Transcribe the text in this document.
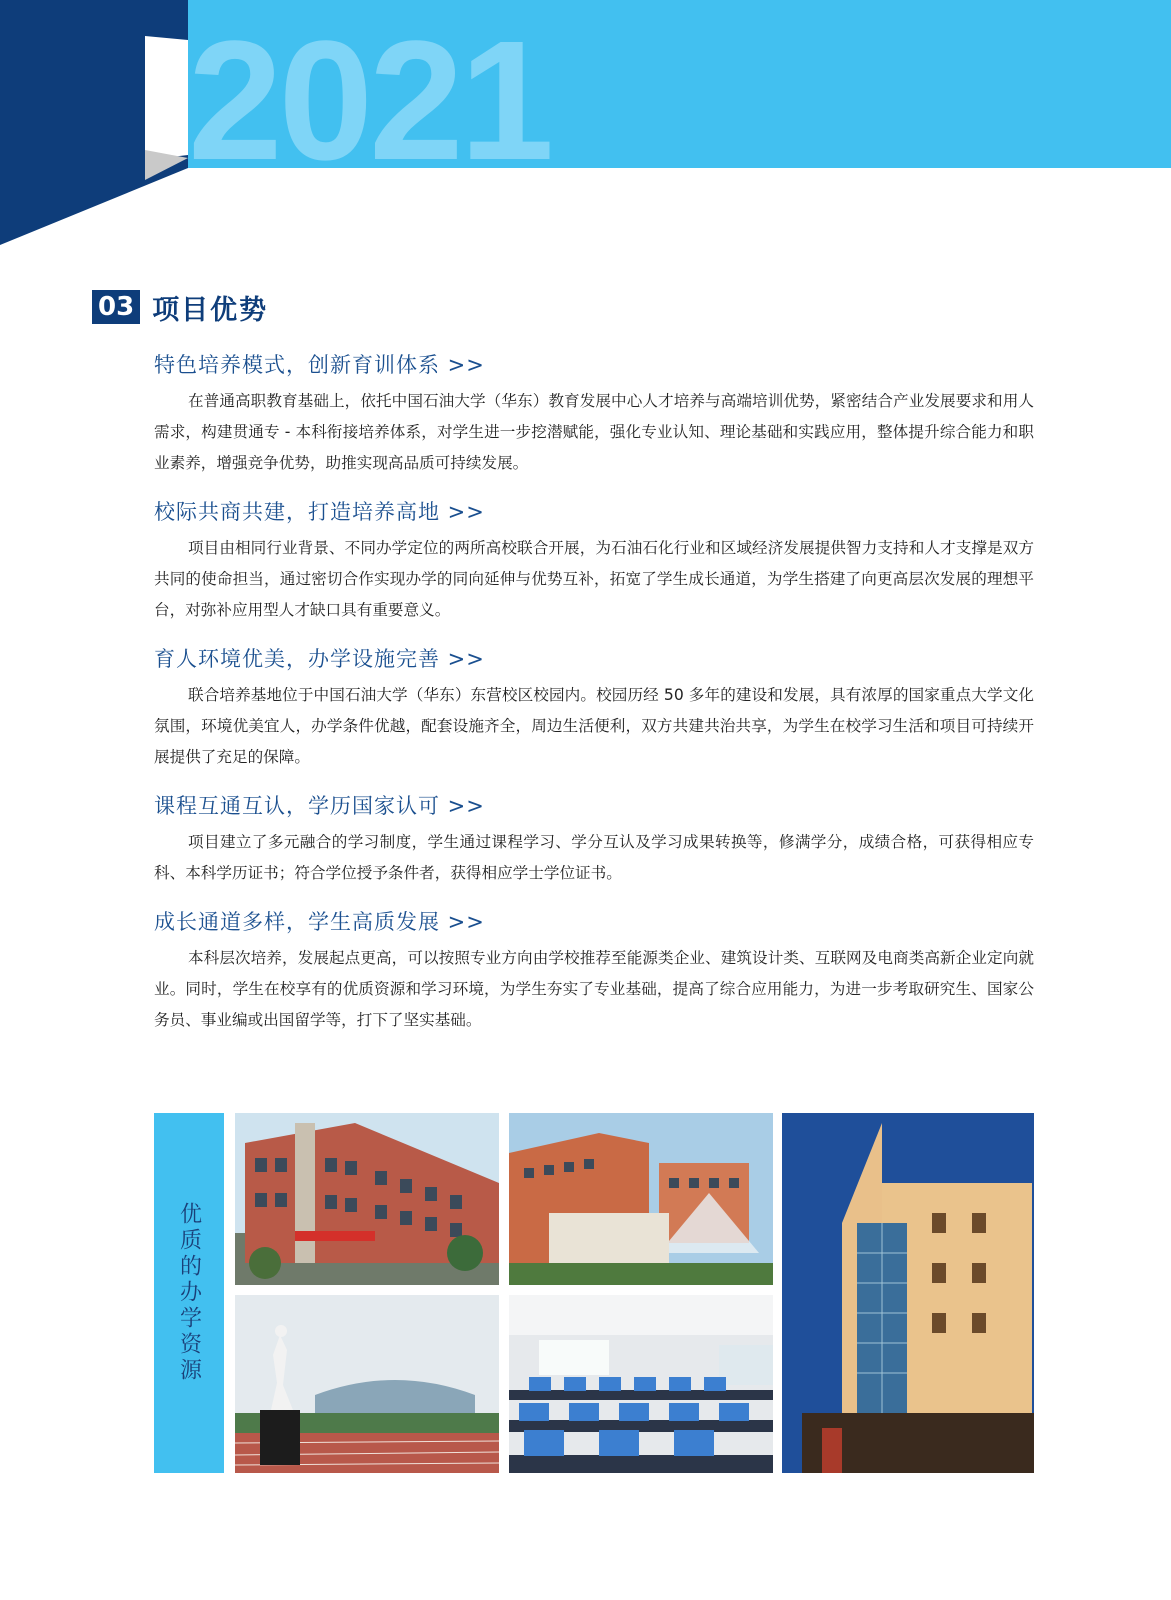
2021
03 项目优势
特色培养模式，创新育训体系 >>

在普通高职教育基础上，依托中国石油大学（华东）教育发展中心人才培养与高端培训优势，紧密结合产业发展要求和用人需求，构建贯通专 - 本科衔接培养体系，对学生进一步挖潜赋能，强化专业认知、理论基础和实践应用，整体提升综合能力和职业素养，增强竞争优势，助推实现高品质可持续发展。

校际共商共建，打造培养高地 >>

项目由相同行业背景、不同办学定位的两所高校联合开展，为石油石化行业和区域经济发展提供智力支持和人才支撑是双方共同的使命担当，通过密切合作实现办学的同向延伸与优势互补，拓宽了学生成长通道，为学生搭建了向更高层次发展的理想平台，对弥补应用型人才缺口具有重要意义。

育人环境优美，办学设施完善 >>

联合培养基地位于中国石油大学（华东）东营校区校园内。校园历经 50 多年的建设和发展，具有浓厚的国家重点大学文化氛围，环境优美宜人，办学条件优越，配套设施齐全，周边生活便利，双方共建共治共享，为学生在校学习生活和项目可持续开展提供了充足的保障。

课程互通互认，学历国家认可 >>

项目建立了多元融合的学习制度，学生通过课程学习、学分互认及学习成果转换等，修满学分，成绩合格，可获得相应专科、本科学历证书；符合学位授予条件者，获得相应学士学位证书。

成长通道多样，学生高质发展 >>

本科层次培养，发展起点更高，可以按照专业方向由学校推荐至能源类企业、建筑设计类、互联网及电商类高新企业定向就业。同时，学生在校享有的优质资源和学习环境，为学生夯实了专业基础，提高了综合应用能力，为进一步考取研究生、国家公务员、事业编或出国留学等，打下了坚实基础。

优质的办学资源
